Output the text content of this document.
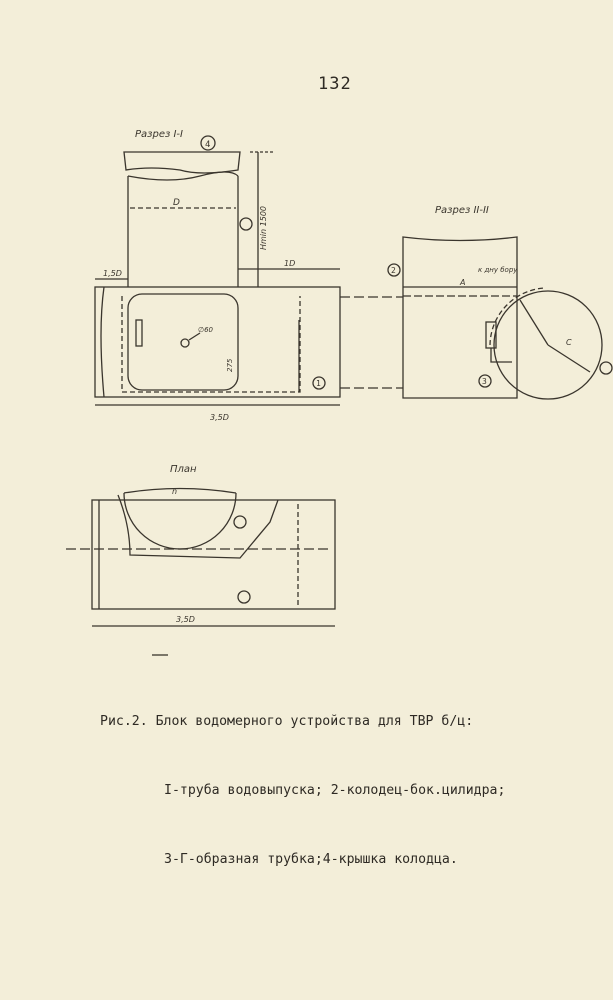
132
Разрез I-I
4
D
Hmin 1500
1D
1,5D
∅60
275
1
3,5D
Разрез II-II
2
A
к дну бору
C
3
План
n
3,5D

Рис.2. Блок водомерного устройства для ТВР б/ц:

I-труба водовыпуска; 2-колодец-бок.цилидра;

3-Г-образная трубка;4-крышка колодца.
